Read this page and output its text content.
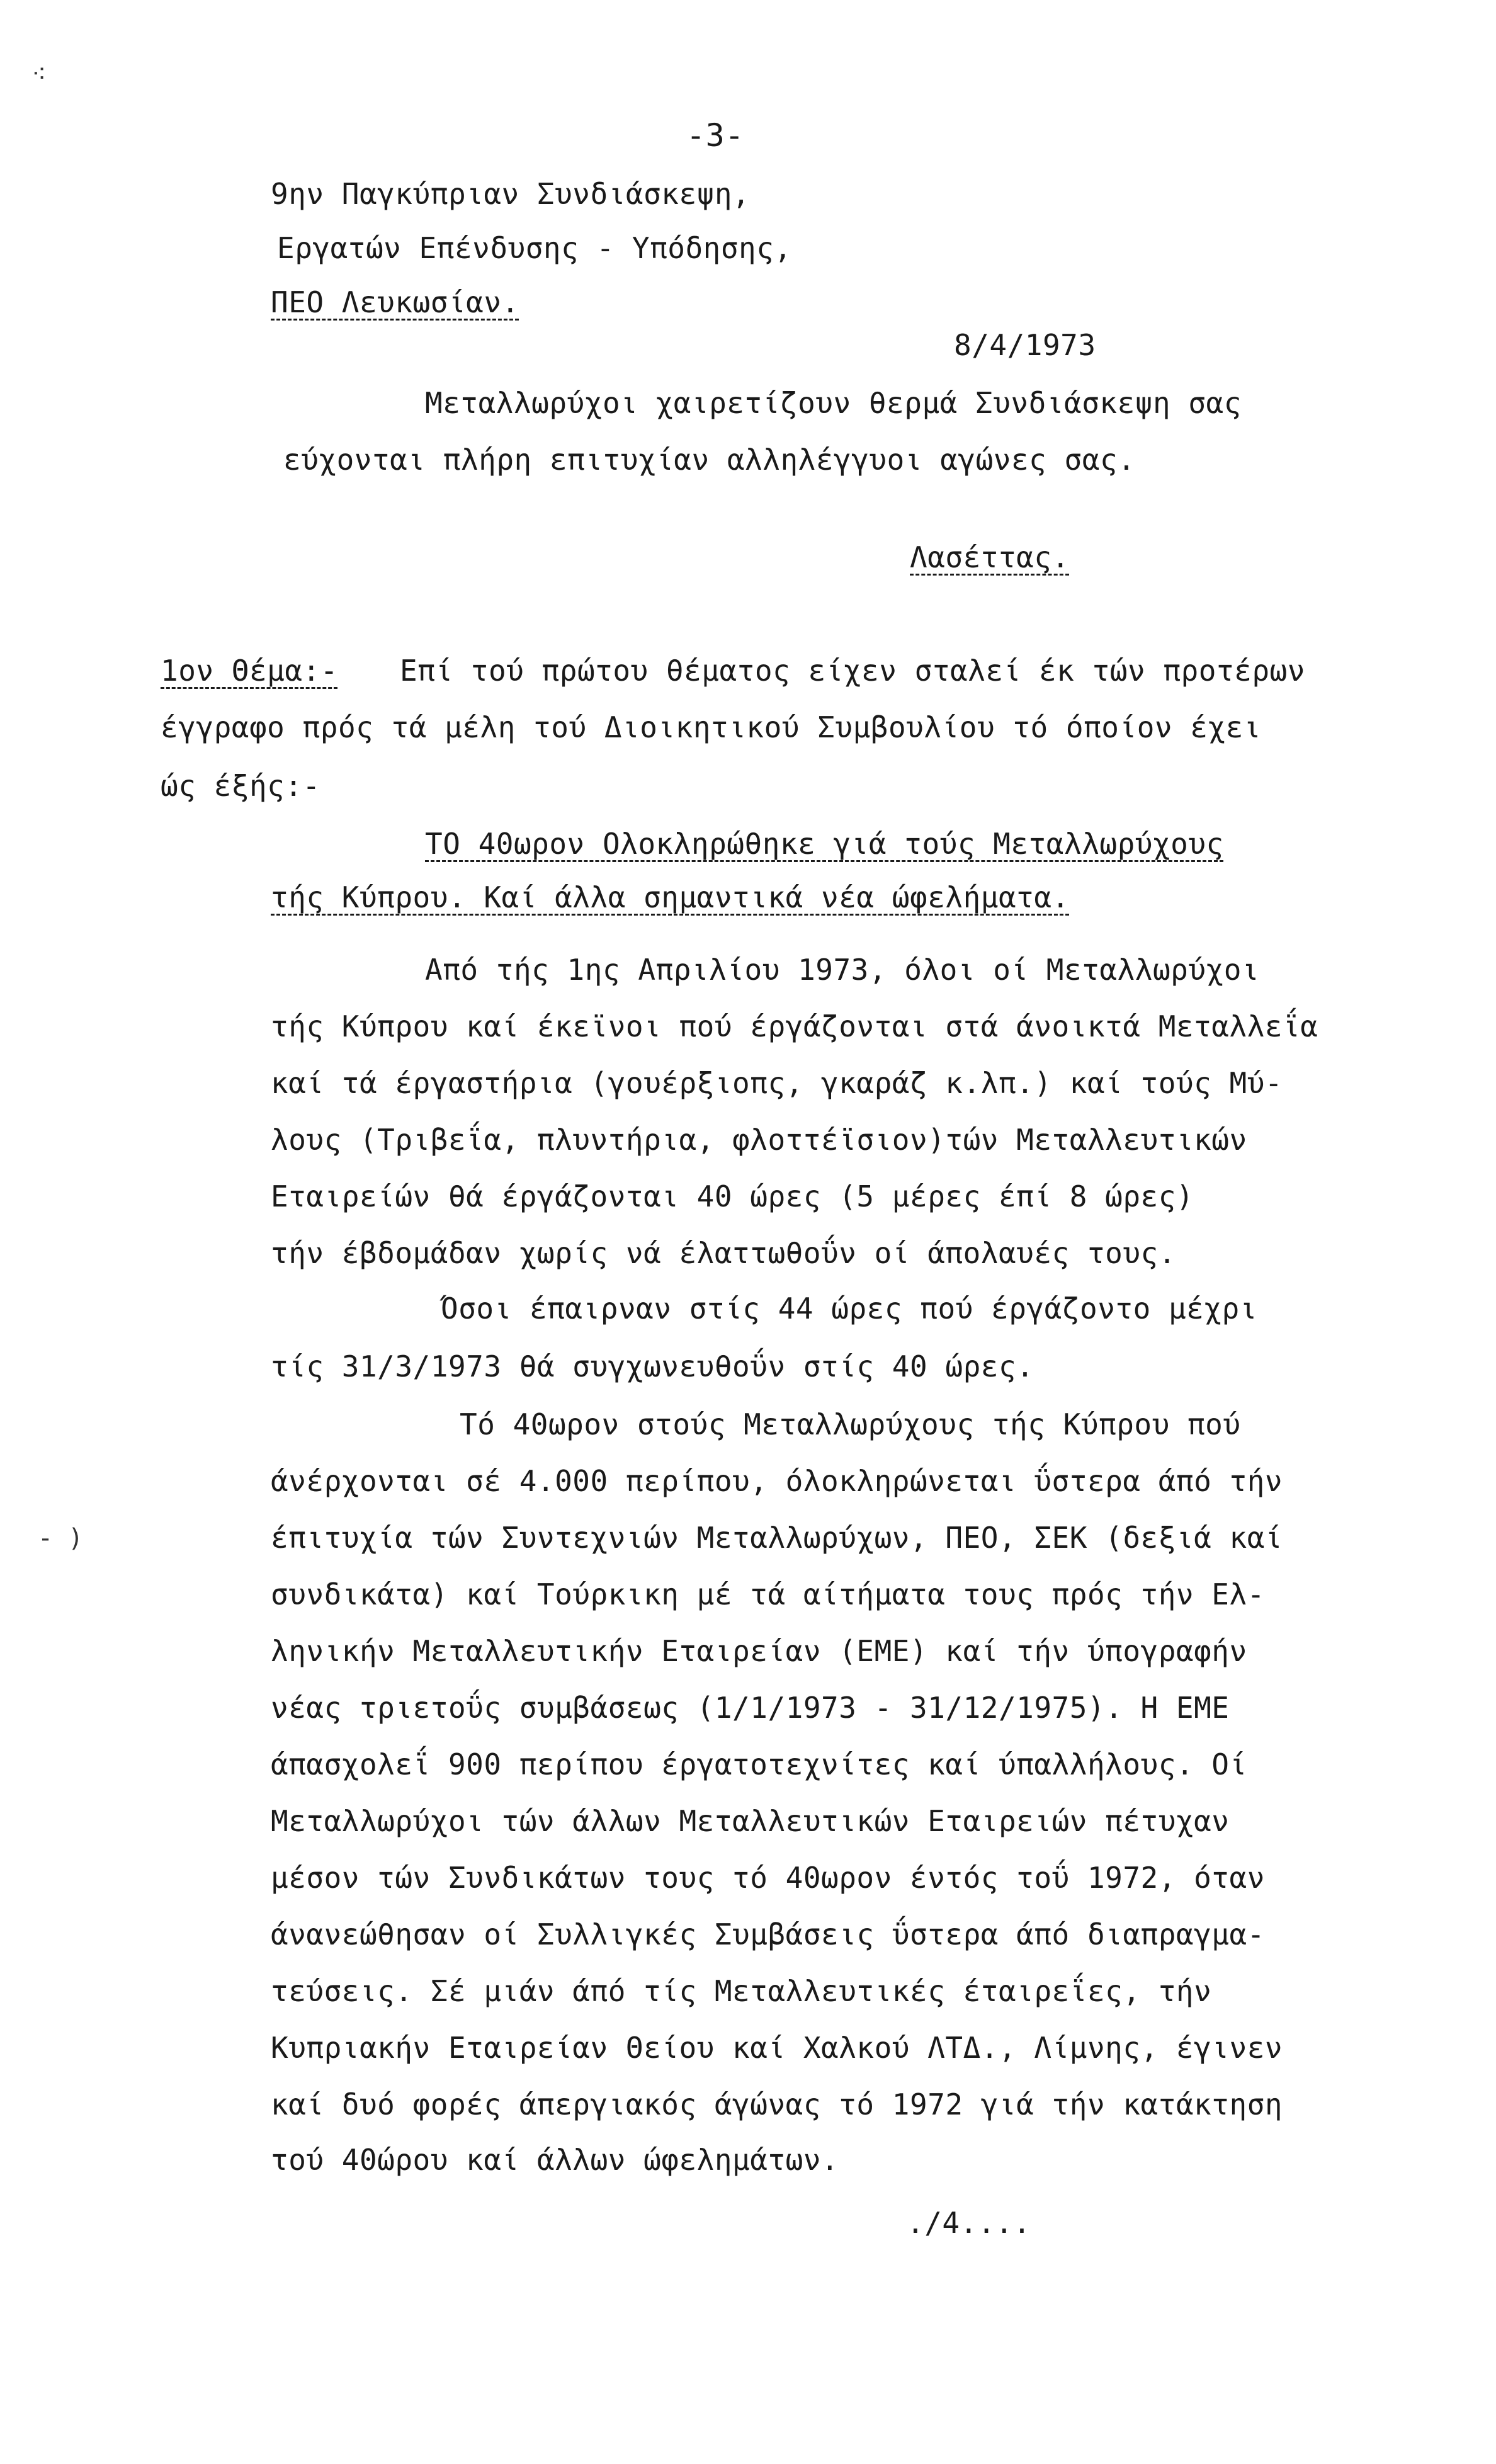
-3-
9ην Παγκύπριαν Συνδιάσκεψη,
Εργατών Επένδυσης - Υπόδησης,
ΠΕΟ Λευκωσίαν.
8/4/1973
Μεταλλωρύχοι χαιρετίζουν θερμά Συνδιάσκεψη σας
εύχονται πλήρη επιτυχίαν αλληλέγγυοι αγώνες σας.
Λασέττας.
1ον Θέμα:- Επί τού πρώτου θέματος είχεν σταλεί έκ τών προτέρων
έγγραφο πρός τά μέλη τού Διοικητικού Συμβουλίου τό όποίον έχει
ώς έξής:-
ΤΟ 40ωρον Ολοκληρώθηκε γιά τούς Μεταλλωρύχους
τής Κύπρου. Καί άλλα σημαντικά νέα ώφελήματα.
Από τής 1ης Απριλίου 1973, όλοι οί Μεταλλωρύχοι
τής Κύπρου καί έκεϊνοι πού έργάζονται στά άνοικτά Μεταλλεΐα
καί τά έργαστήρια (γουέρξιοπς, γκαράζ κ.λπ.) καί τούς Μύ-
λους (Τριβεΐα, πλυντήρια, φλοττέϊσιον)τών Μεταλλευτικών
Εταιρείών θά έργάζονται 40 ώρες (5 μέρες έπί 8 ώρες)
τήν έβδομάδαν χωρίς νά έλαττωθοΰν οί άπολαυές τους.
Όσοι έπαιρναν στίς 44 ώρες πού έργάζοντο μέχρι
τίς 31/3/1973 θά συγχωνευθοΰν στίς 40 ώρες.
Τό 40ωρον στούς Μεταλλωρύχους τής Κύπρου πού
άνέρχονται σέ 4.000 περίπου, όλοκληρώνεται ΰστερα άπό τήν
έπιτυχία τών Συντεχνιών Μεταλλωρύχων, ΠΕΟ, ΣΕΚ (δεξιά καί
συνδικάτα) καί Τούρκικη μέ τά αίτήματα τους πρός τήν Ελ-
ληνικήν Μεταλλευτικήν Εταιρείαν (ΕΜΕ) καί τήν ύπογραφήν
νέας τριετοΰς συμβάσεως (1/1/1973 - 31/12/1975). Η ΕΜΕ
άπασχολεΐ 900 περίπου έργατοτεχνίτες καί ύπαλλήλους. Οί
Μεταλλωρύχοι τών άλλων Μεταλλευτικών Εταιρειών πέτυχαν
μέσον τών Συνδικάτων τους τό 40ωρον έντός τοΰ 1972, όταν
άνανεώθησαν οί Συλλιγκές Συμβάσεις ΰστερα άπό διαπραγμα-
τεύσεις. Σέ μιάν άπό τίς Μεταλλευτικές έταιρεΐες, τήν
Κυπριακήν Εταιρείαν Θείου καί Χαλκού ΛΤΔ., Λίμνης, έγινεν
καί δυό φορές άπεργιακός άγώνας τό 1972 γιά τήν κατάκτηση
τού 40ώρου καί άλλων ώφελημάτων.
./4....
⁖
- )
